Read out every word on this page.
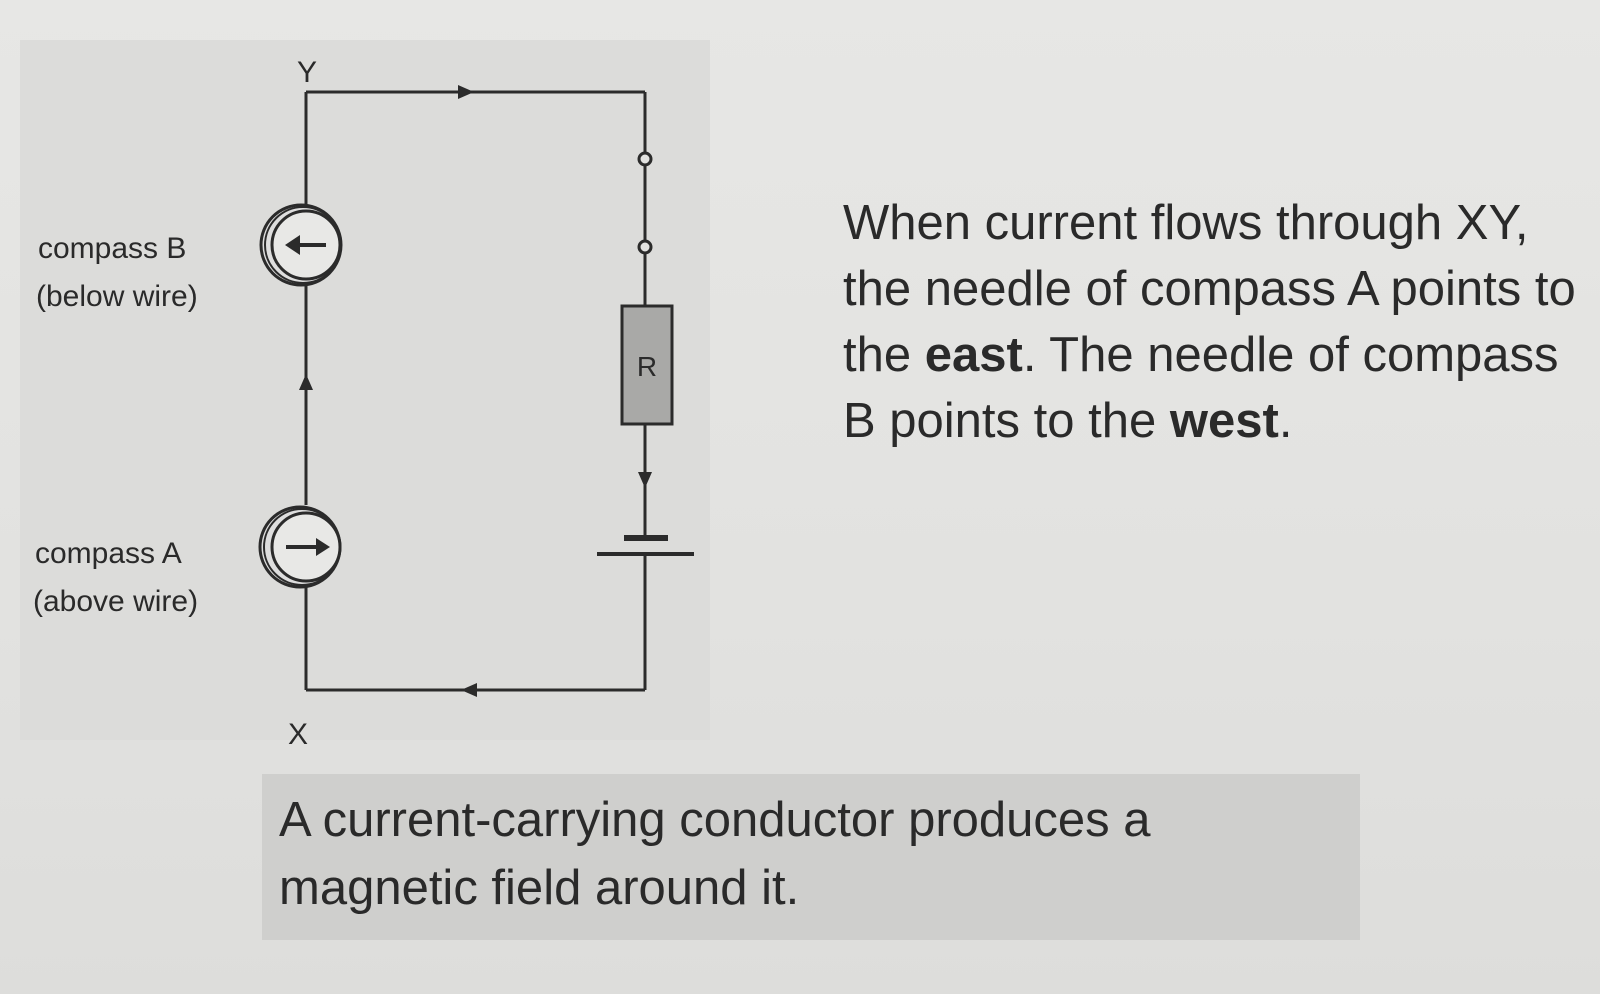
R
Y
X
compass B
(below wire)
compass A
(above wire)
When current flows through XY, the needle of compass A points to the east. The needle of compass B points to the west.
A current-carrying conductor produces a magnetic field around it.
